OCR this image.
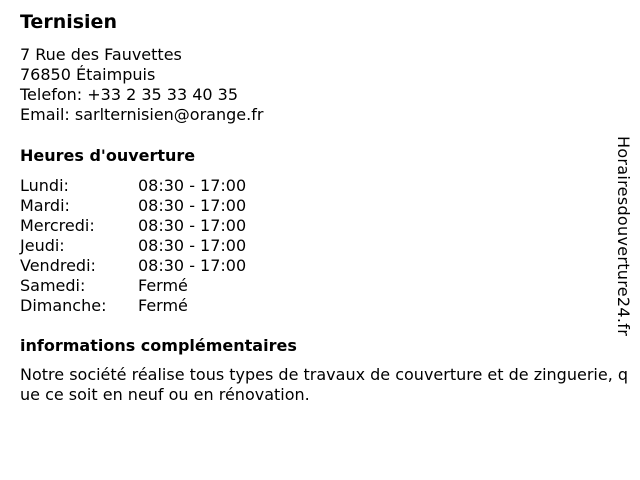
Ternisien
7 Rue des Fauvettes
76850 Étaimpuis
Telefon: +33 2 35 33 40 35
Email: sarlternisien@orange.fr
Heures d'ouverture
Lundi:	08:30 - 17:00
Mardi:	08:30 - 17:00
Mercredi:	08:30 - 17:00
Jeudi:	08:30 - 17:00
Vendredi:	08:30 - 17:00
Samedi:	Fermé
Dimanche:	Fermé
informations complémentaires
Notre société réalise tous types de travaux de couverture et de zinguerie, que ce soit en neuf ou en rénovation.
Horairesdouverture24.fr
